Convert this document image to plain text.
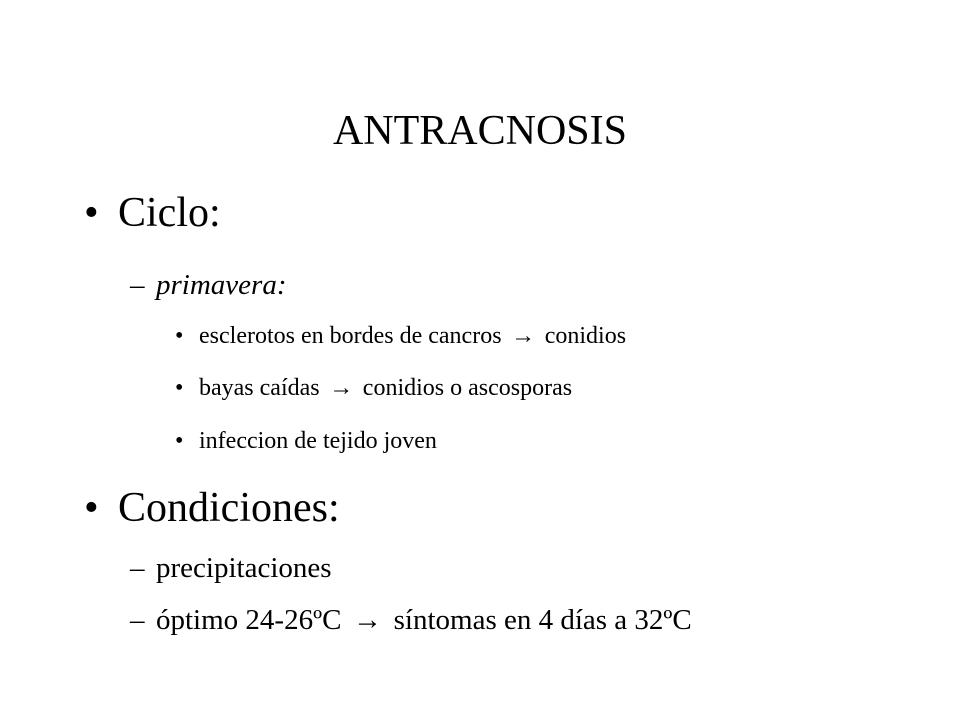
ANTRACNOSIS
• Ciclo:
– primavera:
• esclerotos en bordes de cancros → conidios
• bayas caídas → conidios o ascosporas
• infeccion de tejido joven
• Condiciones:
– precipitaciones
– óptimo 24-26ºC → síntomas en 4 días a 32ºC
